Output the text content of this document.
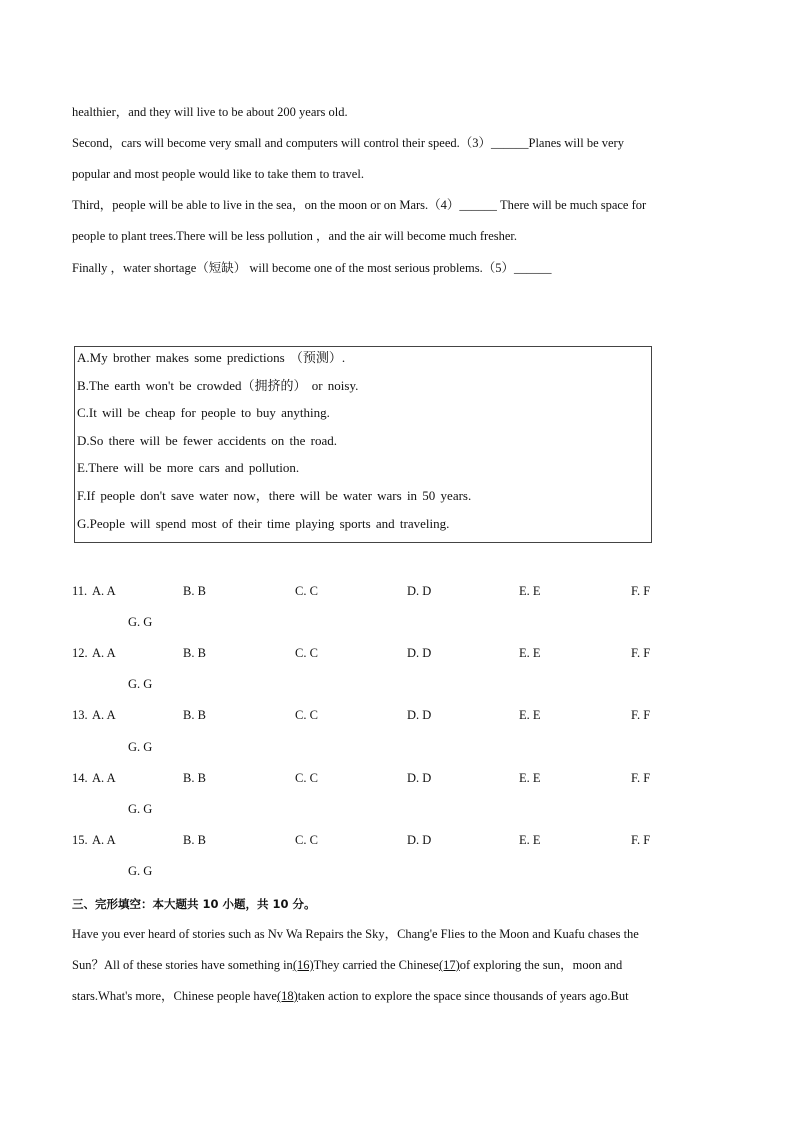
healthier，and they will live to be about 200 years old.
Second，cars will become very small and computers will control their speed.（3）______Planes will be very
popular and most people would like to take them to travel.
Third，people will be able to live in the sea，on the moon or on Mars.（4）______ There will be much space for
people to plant trees.There will be less pollution ，and the air will become much fresher.
Finally ，water shortage（短缺） will become one of the most serious problems.（5）______
A.My brother makes some predictions （预测）.
B.The earth won't be crowded（拥挤的） or noisy.
C.It will be cheap for people to buy anything.
D.So there will be fewer accidents on the road.
E.There will be more cars and pollution.
F.If people don't save water now，there will be water wars in 50 years.
G.People will spend most of their time playing sports and traveling.
11. A. A	B. B	C. C	D. D	E. E	F. F
G. G
12. A. A	B. B	C. C	D. D	E. E	F. F
G. G
13. A. A	B. B	C. C	D. D	E. E	F. F
G. G
14. A. A	B. B	C. C	D. D	E. E	F. F
G. G
15. A. A	B. B	C. C	D. D	E. E	F. F
G. G
三、完形填空：本大题共 10 小题，共 10 分。
Have you ever heard of stories such as Nv Wa Repairs the Sky，Chang'e Flies to the Moon and Kuafu chases the
Sun？All of these stories have something in(16)They carried the Chinese(17)of exploring the sun，moon and
stars.What's more，Chinese people have(18)taken action to explore the space since thousands of years ago.But
